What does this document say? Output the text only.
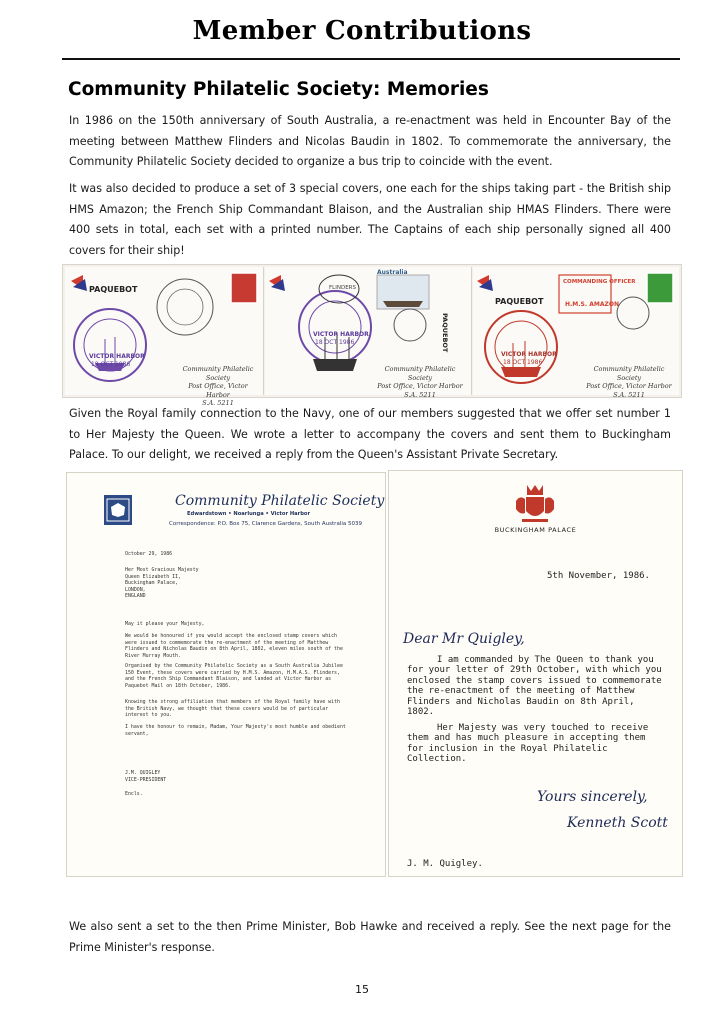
Member Contributions
Community Philatelic Society: Memories

In 1986 on the 150th anniversary of South Australia, a re-enactment was held in Encounter Bay of the meeting between Matthew Flinders and Nicolas Baudin in 1802. To commemorate the anniversary, the Community Philatelic Society decided to organize a bus trip to coincide with the event.

It was also decided to produce a set of 3 special covers, one each for the ships taking part - the British ship HMS Amazon; the French Ship Commandant Blaison, and the Australian ship HMAS Flinders. There were 400 sets in total, each set with a printed number. The Captains of each ship personally signed all 400 covers for their ship!

PAQUEBOT
VICTOR HARBOR
18 OCT 1986
Community Philatelic Society
Post Office, Victor Harbor
S.A. 5211
Australia
FLINDERS
VICTOR HARBOR
18 OCT 1986	PAQUEBOT
Community Philatelic Society
Post Office, Victor Harbor
S.A. 5211
COMMANDING OFFICER
H.M.S. AMAZON
PAQUEBOT
VICTOR HARBOR
18 OCT 1986
Community Philatelic Society
Post Office, Victor Harbor
S.A. 5211

Given the Royal family connection to the Navy, one of our members suggested that we offer set number 1 to Her Majesty the Queen. We wrote a letter to accompany the covers and sent them to Buckingham Palace. To our delight, we received a reply from the Queen's Assistant Private Secretary.

Community Philatelic Society
Edwardstown • Noarlunga • Victor Harbor
Correspondence: P.O. Box 75, Clarence Gardens, South Australia 5039
October 29, 1986
Her Most Gracious Majesty
Queen Elizabeth II,
Buckingham Palace,
LONDON,
ENGLAND
May it please your Majesty,
We would be honoured if you would accept the enclosed stamp covers which were issued to commemorate the re-enactment of the meeting of Matthew Flinders and Nicholas Baudin on 8th April, 1802, eleven miles south of the River Murray Mouth.
Organised by the Community Philatelic Society as a South Australia Jubilee 150 Event, these covers were carried by H.M.S. Amazon, H.M.A.S. Flinders, and the French Ship Commandant Blaison, and landed at Victor Harbor as Paquebot Mail on 18th October, 1986.
Knowing the strong affiliation that members of the Royal family have with the British Navy, we thought that these covers would be of particular interest to you.
I have the honour to remain, Madam, Your Majesty's most humble and obedient servant,
J.M. QUIGLEY
VICE-PRESIDENT
Encls.
BUCKINGHAM PALACE
5th November, 1986.
Dear Mr Quigley,
I am commanded by The Queen to thank you for your letter of 29th October, with which you enclosed the stamp covers issued to commemorate the re-enactment of the meeting of Matthew Flinders and Nicholas Baudin on 8th April, 1802.
Her Majesty was very touched to receive them and has much pleasure in accepting them for inclusion in the Royal Philatelic Collection.
Yours sincerely,
Kenneth Scott
J. M. Quigley.

We also sent a set to the then Prime Minister, Bob Hawke and received a reply. See the next page for the Prime Minister's response.

15
